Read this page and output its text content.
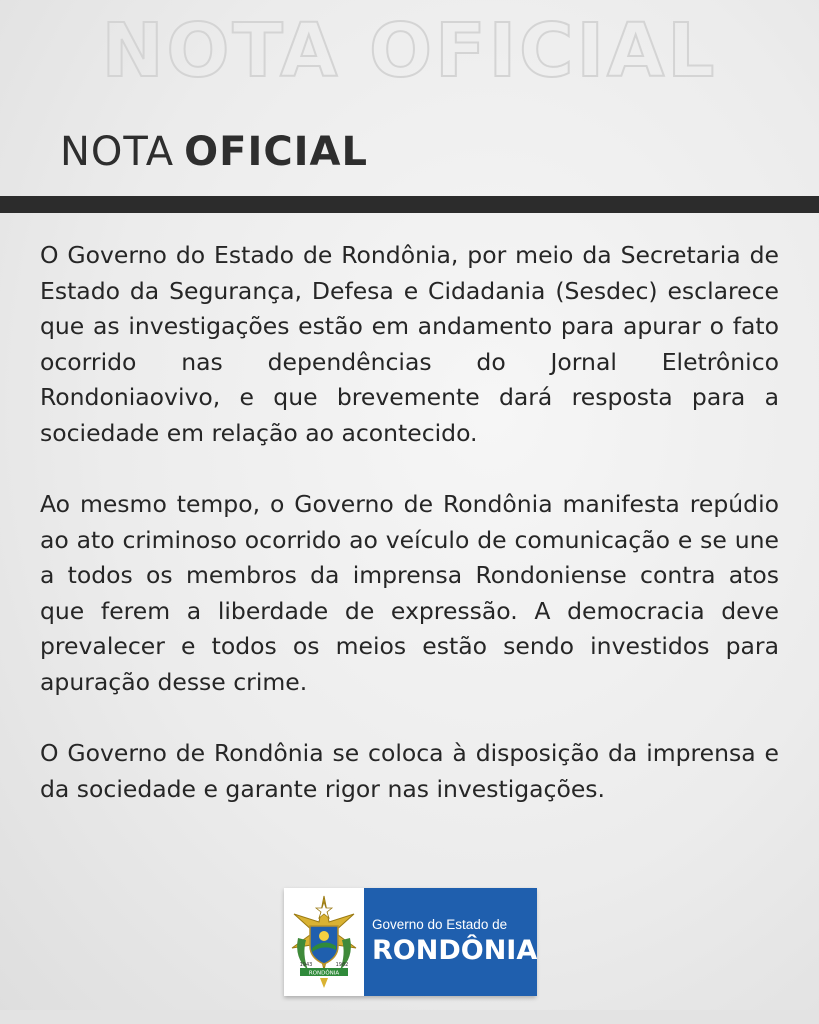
NOTA OFICIAL
NOTA OFICIAL

O Governo do Estado de Rondônia, por meio da Secretaria de Estado da Segurança, Defesa e Cidadania (Sesdec) esclarece que as investigações estão em andamento para apurar o fato ocorrido nas dependências do Jornal Eletrônico Rondoniaovivo, e que brevemente dará resposta para a sociedade em relação ao acontecido.

Ao mesmo tempo, o Governo de Rondônia manifesta repúdio ao ato criminoso ocorrido ao veículo de comunicação e se une a todos os membros da imprensa Rondoniense contra atos que ferem a liberdade de expressão. A democracia deve prevalecer e todos os meios estão sendo investidos para apuração desse crime.

O Governo de Rondônia se coloca à disposição da imprensa e da sociedade e garante rigor nas investigações.

RONDÔNIA
1943	1982
Governo do Estado de
RONDÔNIA
